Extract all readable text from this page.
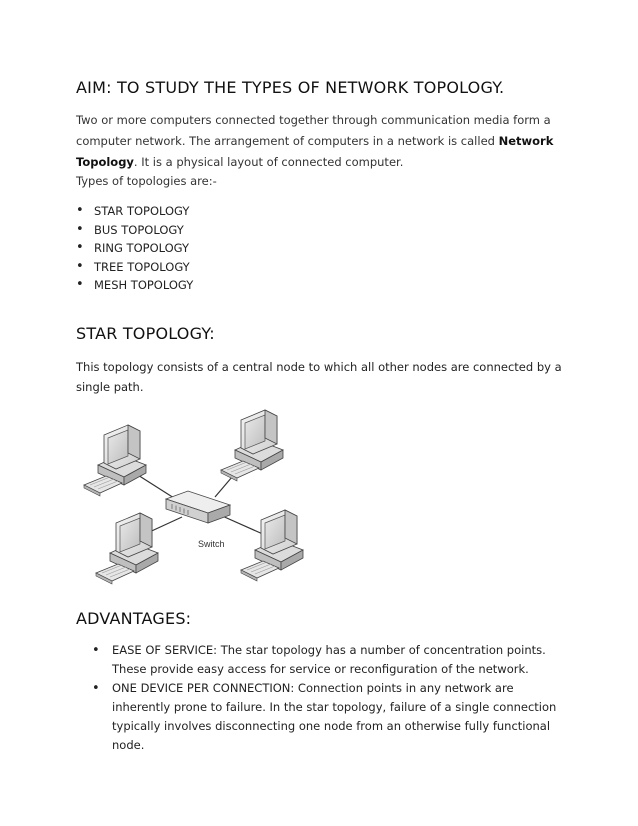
AIM: TO STUDY THE TYPES OF NETWORK TOPOLOGY.

Two or more computers connected together through communication media form a computer network. The arrangement of computers in a network is called Network Topology. It is a physical layout of connected computer.

Types of topologies are:-
• STAR TOPOLOGY
• BUS TOPOLOGY
• RING TOPOLOGY
• TREE TOPOLOGY
• MESH TOPOLOGY
STAR TOPOLOGY:

This topology consists of a central node to which all other nodes are connected by a single path.

Switch
ADVANTAGES:
• EASE OF SERVICE: The star topology has a number of concentration points. These provide easy access for service or reconfiguration of the network.
• ONE DEVICE PER CONNECTION: Connection points in any network are inherently prone to failure. In the star topology, failure of a single connection typically involves disconnecting one node from an otherwise fully functional node.
